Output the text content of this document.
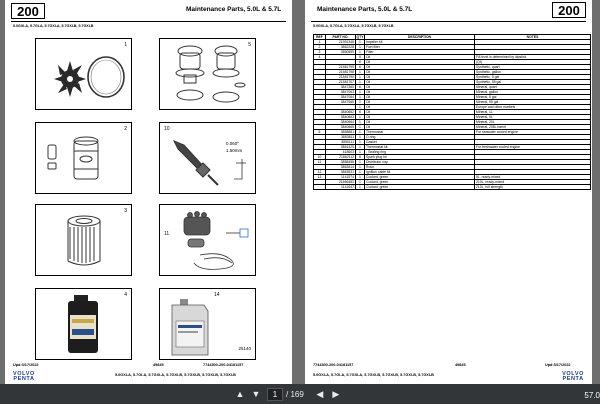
200	Maintenance Parts, 5.0L & 5.7L
5.0GXI-A, 5.7GI-A, 5.7GXI-A, 5.7GXI-B, 5.7GXI-B
1	5
2	10
0.060"
1.50mm
3
11
4	14
25140
Upd:3/17/2022	49845	7744300-200-04181157
5.0GXI-A, 5.7GI-A, 5.7GXI-A, 5.7GXI-B, 5.7GXI-B, 5.7GXI-B, 5.7GXI-B
VOLVO
PENTA
Maintenance Parts, 5.0L & 5.7L	200
5.0GXI-A, 5.7GI-A, 5.7GXI-A, 5.7GXI-B, 5.7GXI-B
REF	PART NO.	QTY	DESCRIPTION	NOTES
1	21951348	1	Impeller kit	
2	3862228	1	Fuel filter	
3	3850559	1	Filter	
4		5	Oil	Fill level is determined by dipstick
		6	Oil	(Qt)
	21581799	6	Oil	Synthetic, quart
	21581798	1	Oil	Synthetic, gallon
	21581790	1	Oil	Synthetic, 5 gal
	21581707	1	Oil	Synthetic, 55 gal
	3847360	6	Oil	Mineral, quart
	3847063	1	Oil	Mineral, gallon
	3847064	1	Oil	Mineral, 5 gal
	3847065	1	Oil	Mineral, 55 gal
		1	Oil	Europe and other markets
	3840662	6	Oil	Mineral, 1L
	3840663	1	Oil	Mineral, 5L
	3840664	1	Oil	Mineral, 20L
	3840665	1	Oil	Mineral, 208L barrel
5	3858881	1	Thermostat	For seawater cooled engine
	3853811	1	O-ring	
	3850111	1	Gasket	
	3851425	1	Thermostat kit	For freshwater cooled engine
	418603	1	- Sealing ring	
10	21862112	8	Spark plug kit	
11	3858458	1	Distributor cap	
	3863514	1	Rotor	
12	3863531	1	Ignition cable kit	
13	1141574	1	Coolant, green	5L, ready-mixed
	21666482	1	Coolant, green	210L, ready-mixed
	1141647	1	Coolant, green	210L, full strength
7744300-200-04181157	49845
5.0GXI-A, 5.7GI-A, 5.7GXI-A, 5.7GXI-B, 5.7GXI-B, 5.7GXI-B, 5.7GXI-B
Upd:3/17/2022
VOLVO
PENTA
▲ ▼
1	/ 169	◀	▶	57.0
